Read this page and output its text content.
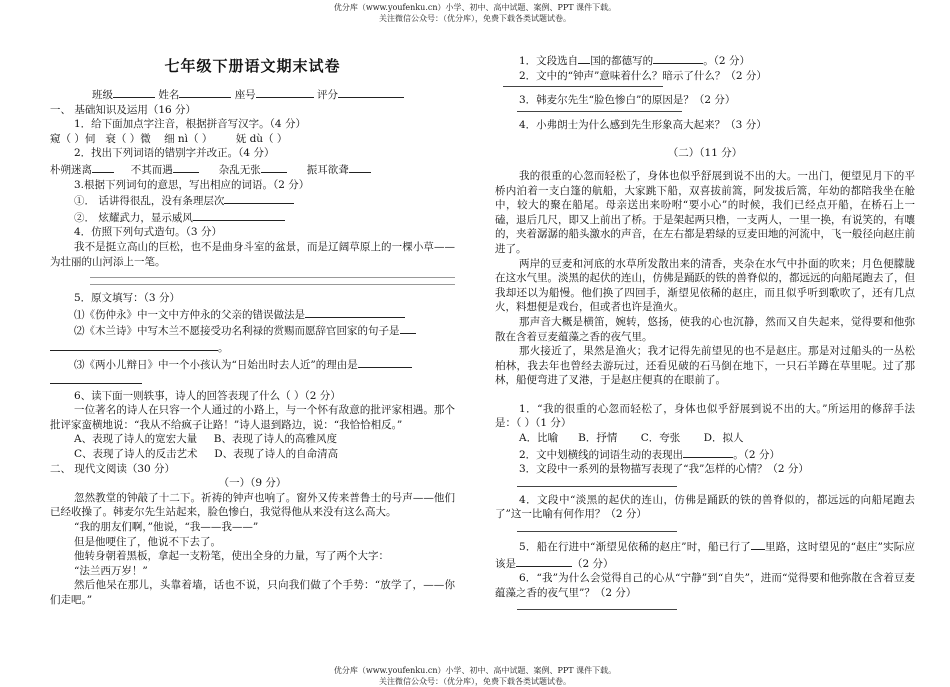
优分库（www.youfenku.cn）小学、初中、高中试题、案例、PPT 课件下载。
关注微信公众号：（优分库），免费下载各类试题试卷。

七年级下册语文期末试卷

班级	姓名	座号	评分

一、 基础知识及运用（16 分）

1．给下面加点字注音，根据拼音写汉字。（4 分）

窥（ ）伺 衰（ ）微 细 nì（ ） 妩 dù（ ）

2．找出下列词语的错别字并改正。（4 分）

朴朔迷离	不其而遇	杂乱无张	振耳欲聋

3.根据下列词句的意思，写出相应的词语。（2 分）

①． 话讲得很乱，没有条理层次

②． 炫耀武力，显示威风

4．仿照下列句式造句。（3 分）

我不是挺立高山的巨松，也不是曲身斗室的盆景，而是辽阔草原上的一棵小草——为壮丽的山河添上一笔。

5．原文填写：（3 分）

⑴《伤仲永》中一文中方仲永的父亲的错误做法是

⑵《木兰诗》中写木兰不愿接受功名利禄的赏赐而愿辞官回家的句子是

。

⑶《两小儿辩日》中一个小孩认为“日始出时去人近”的理由是

6、读下面一则轶事，诗人的回答表现了什么（ ）（2 分）

一位著名的诗人在只容一个人通过的小路上，与一个怀有敌意的批评家相遇。那个批评家蛮横地说：“我从不给疯子让路！”诗人退到路边，说：“我恰恰相反。”

A、表现了诗人的宽宏大量 B、表现了诗人的高雅风度

C、表现了诗人的反击艺术 D、表现了诗人的自命清高

二、 现代文阅读（30 分）

（一）（9 分）

忽然教堂的钟敲了十二下。祈祷的钟声也响了。窗外又传来普鲁士的号声——他们已经收操了。韩麦尔先生站起来，脸色惨白，我觉得他从来没有这么高大。

“我的朋友们啊，”他说，“我——我——”

但是他哽住了，他说不下去了。

他转身朝着黑板，拿起一支粉笔，使出全身的力量，写了两个大字：

“法兰西万岁！”

然后他呆在那儿，头靠着墙，话也不说，只向我们做了个手势：“放学了，——你们走吧。”

1．文段选自 国的都德写的	。（2 分）

2．文中的“钟声”意味着什么？暗示了什么？（2 分）

3．韩麦尔先生“脸色惨白”的原因是？（2 分）

4．小弗朗士为什么感到先生形象高大起来？（3 分）

（二）（11 分）

我的很重的心忽而轻松了，身体也似乎舒展到说不出的大。一出门，便望见月下的平桥内泊着一支白篷的航船，大家跳下船，双喜拔前篙，阿发拔后篙，年幼的都陪我坐在舱中，较大的聚在船尾。母亲送出来吩咐“要小心”的时候，我们已经点开船，在桥石上一磕，退后几尺，即又上前出了桥。于是架起两只橹，一支两人，一里一换，有说笑的，有嚷的，夹着潺潺的船头激水的声音，在左右都是碧绿的豆麦田地的河流中，飞一般径向赵庄前进了。

两岸的豆麦和河底的水草所发散出来的清香，夹杂在水气中扑面的吹来；月色便朦胧在这水气里。淡黑的起伏的连山，仿佛是踊跃的铁的兽脊似的，都远远的向船尾跑去了，但我却还以为船慢。他们换了四回手，渐望见依稀的赵庄，而且似乎听到歌吹了，还有几点火，料想便是戏台，但或者也许是渔火。

那声音大概是横笛，婉转，悠扬，使我的心也沉静，然而又自失起来，觉得要和他弥散在含着豆麦蕴藻之香的夜气里。

那火接近了，果然是渔火；我才记得先前望见的也不是赵庄。那是对过船头的一丛松柏林，我去年也曾经去游玩过，还看见破的石马倒在地下，一只石羊蹲在草里呢。过了那林，船便弯进了叉港，于是赵庄便真的在眼前了。

1．“我的很重的心忽而轻松了，身体也似乎舒展到说不出的大。”所运用的修辞手法是：（ ）（1 分）

A．比喻 B．抒情 C．夸张 D．拟人

2．文中划横线的词语生动的表现出	。（2 分）

3．文段中一系列的景物描写表现了“我”怎样的心情？（2 分）

4．文段中“淡黑的起伏的连山，仿佛是踊跃的铁的兽脊似的，都远远的向船尾跑去了”这一比喻有何作用？（2 分）

5．船在行进中“渐望见依稀的赵庄”时，船已行了 里路，这时望见的“赵庄”实际应该是	（2 分）

6．“我”为什么会觉得自己的心从“宁静”到“自失”，进而“觉得要和他弥散在含着豆麦蕴藻之香的夜气里”？（2 分）

优分库（www.youfenku.cn）小学、初中、高中试题、案例、PPT 课件下载。
关注微信公众号：（优分库），免费下载各类试题试卷。
